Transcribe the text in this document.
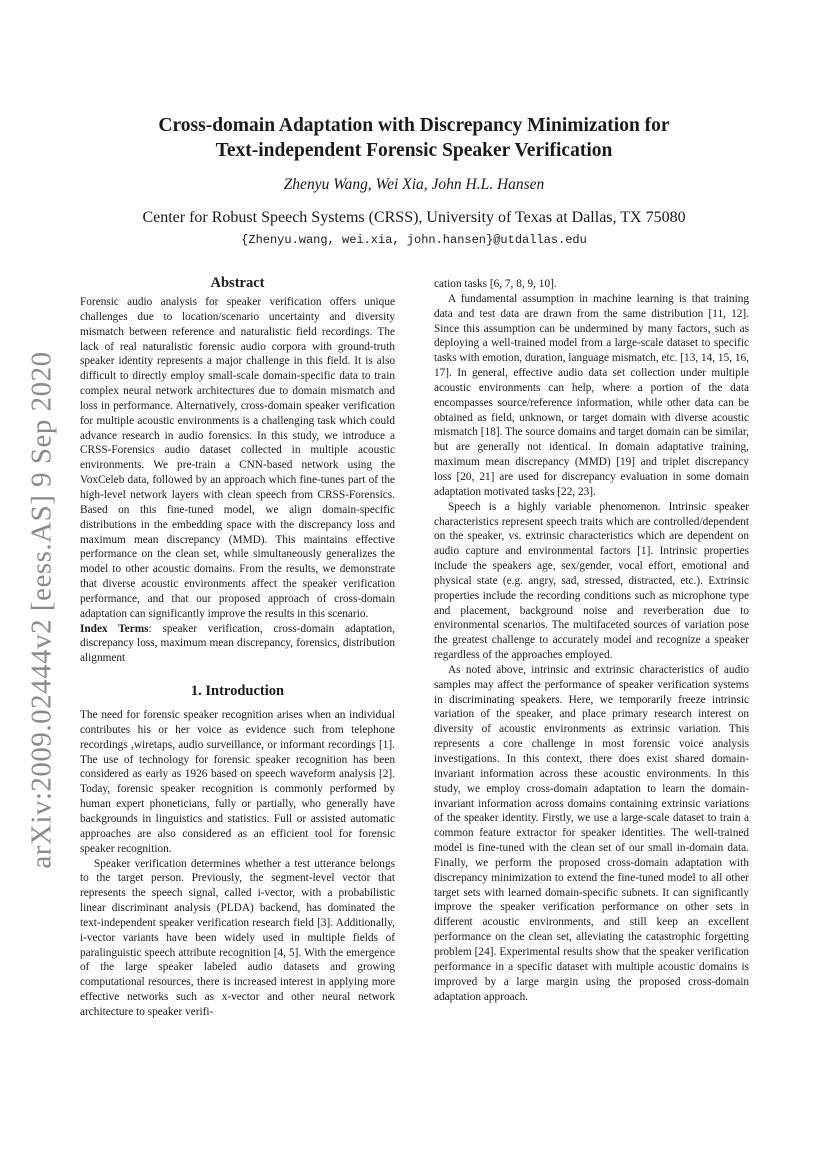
arXiv:2009.02444v2 [eess.AS] 9 Sep 2020
Cross-domain Adaptation with Discrepancy Minimization for
Text-independent Forensic Speaker Verification
Zhenyu Wang, Wei Xia, John H.L. Hansen
Center for Robust Speech Systems (CRSS), University of Texas at Dallas, TX 75080
{Zhenyu.wang, wei.xia, john.hansen}@utdallas.edu
Abstract

Forensic audio analysis for speaker verification offers unique challenges due to location/scenario uncertainty and diversity mismatch between reference and naturalistic field recordings. The lack of real naturalistic forensic audio corpora with ground-truth speaker identity represents a major challenge in this field. It is also difficult to directly employ small-scale domain-specific data to train complex neural network architectures due to domain mismatch and loss in performance. Alternatively, cross-domain speaker verification for multiple acoustic environments is a challenging task which could advance research in audio forensics. In this study, we introduce a CRSS-Forensics audio dataset collected in multiple acoustic environments. We pre-train a CNN-based network using the VoxCeleb data, followed by an approach which fine-tunes part of the high-level network layers with clean speech from CRSS-Forensics. Based on this fine-tuned model, we align domain-specific distributions in the embedding space with the discrepancy loss and maximum mean discrepancy (MMD). This maintains effective performance on the clean set, while simultaneously generalizes the model to other acoustic domains. From the results, we demonstrate that diverse acoustic environments affect the speaker verification performance, and that our proposed approach of cross-domain adaptation can significantly improve the results in this scenario.

Index Terms: speaker verification, cross-domain adaptation, discrepancy loss, maximum mean discrepancy, forensics, distribution alignment

1. Introduction

The need for forensic speaker recognition arises when an individual contributes his or her voice as evidence such from telephone recordings ,wiretaps, audio surveillance, or informant recordings [1]. The use of technology for forensic speaker recognition has been considered as early as 1926 based on speech waveform analysis [2]. Today, forensic speaker recognition is commonly performed by human expert phoneticians, fully or partially, who generally have backgrounds in linguistics and statistics. Full or assisted automatic approaches are also considered as an efficient tool for forensic speaker recognition.

Speaker verification determines whether a test utterance belongs to the target person. Previously, the segment-level vector that represents the speech signal, called i-vector, with a probabilistic linear discriminant analysis (PLDA) backend, has dominated the text-independent speaker verification research field [3]. Additionally, i-vector variants have been widely used in multiple fields of paralinguistic speech attribute recognition [4, 5]. With the emergence of the large speaker labeled audio datasets and growing computational resources, there is increased interest in applying more effective networks such as x-vector and other neural network architecture to speaker verifi-

cation tasks [6, 7, 8, 9, 10].

A fundamental assumption in machine learning is that training data and test data are drawn from the same distribution [11, 12]. Since this assumption can be undermined by many factors, such as deploying a well-trained model from a large-scale dataset to specific tasks with emotion, duration, language mismatch, etc. [13, 14, 15, 16, 17]. In general, effective audio data set collection under multiple acoustic environments can help, where a portion of the data encompasses source/reference information, while other data can be obtained as field, unknown, or target domain with diverse acoustic mismatch [18]. The source domains and target domain can be similar, but are generally not identical. In domain adaptative training, maximum mean discrepancy (MMD) [19] and triplet discrepancy loss [20, 21] are used for discrepancy evaluation in some domain adaptation motivated tasks [22, 23].

Speech is a highly variable phenomenon. Intrinsic speaker characteristics represent speech traits which are controlled/dependent on the speaker, vs. extrinsic characteristics which are dependent on audio capture and environmental factors [1]. Intrinsic properties include the speakers age, sex/gender, vocal effort, emotional and physical state (e.g. angry, sad, stressed, distracted, etc.). Extrinsic properties include the recording conditions such as microphone type and placement, background noise and reverberation due to environmental scenarios. The multifaceted sources of variation pose the greatest challenge to accurately model and recognize a speaker regardless of the approaches employed.

As noted above, intrinsic and extrinsic characteristics of audio samples may affect the performance of speaker verification systems in discriminating speakers. Here, we temporarily freeze intrinsic variation of the speaker, and place primary research interest on diversity of acoustic environments as extrinsic variation. This represents a core challenge in most forensic voice analysis investigations. In this context, there does exist shared domain-invariant information across these acoustic environments. In this study, we employ cross-domain adaptation to learn the domain-invariant information across domains containing extrinsic variations of the speaker identity. Firstly, we use a large-scale dataset to train a common feature extractor for speaker identities. The well-trained model is fine-tuned with the clean set of our small in-domain data. Finally, we perform the proposed cross-domain adaptation with discrepancy minimization to extend the fine-tuned model to all other target sets with learned domain-specific subnets. It can significantly improve the speaker verification performance on other sets in different acoustic environments, and still keep an excellent performance on the clean set, alleviating the catastrophic forgetting problem [24]. Experimental results show that the speaker verification performance in a specific dataset with multiple acoustic domains is improved by a large margin using the proposed cross-domain adaptation approach.
